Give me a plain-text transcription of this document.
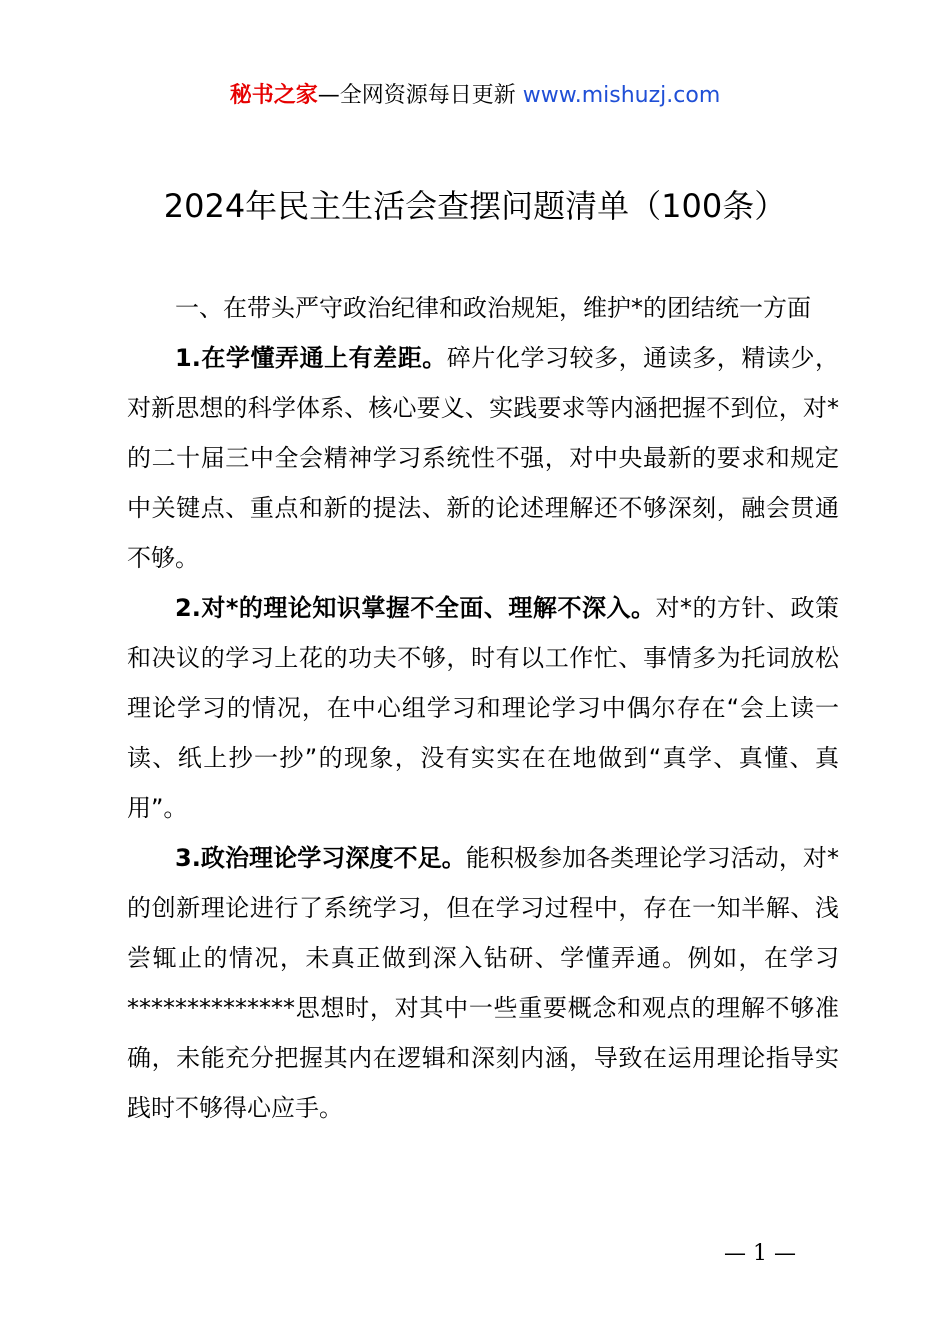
秘书之家—全网资源每日更新 www.mishuzj.com
2024年民主生活会查摆问题清单（100条）

一、在带头严守政治纪律和政治规矩，维护*的团结统一方面

1.在学懂弄通上有差距。碎片化学习较多，通读多，精读少，对新思想的科学体系、核心要义、实践要求等内涵把握不到位，对*的二十届三中全会精神学习系统性不强，对中央最新的要求和规定中关键点、重点和新的提法、新的论述理解还不够深刻，融会贯通不够。

2.对*的理论知识掌握不全面、理解不深入。对*的方针、政策和决议的学习上花的功夫不够，时有以工作忙、事情多为托词放松理论学习的情况，在中心组学习和理论学习中偶尔存在“会上读一读、纸上抄一抄”的现象，没有实实在在地做到“真学、真懂、真用”。

3.政治理论学习深度不足。能积极参加各类理论学习活动，对*的创新理论进行了系统学习，但在学习过程中，存在一知半解、浅尝辄止的情况，未真正做到深入钻研、学懂弄通。例如，在学习**************思想时，对其中一些重要概念和观点的理解不够准确，未能充分把握其内在逻辑和深刻内涵，导致在运用理论指导实践时不够得心应手。

— 1 —
